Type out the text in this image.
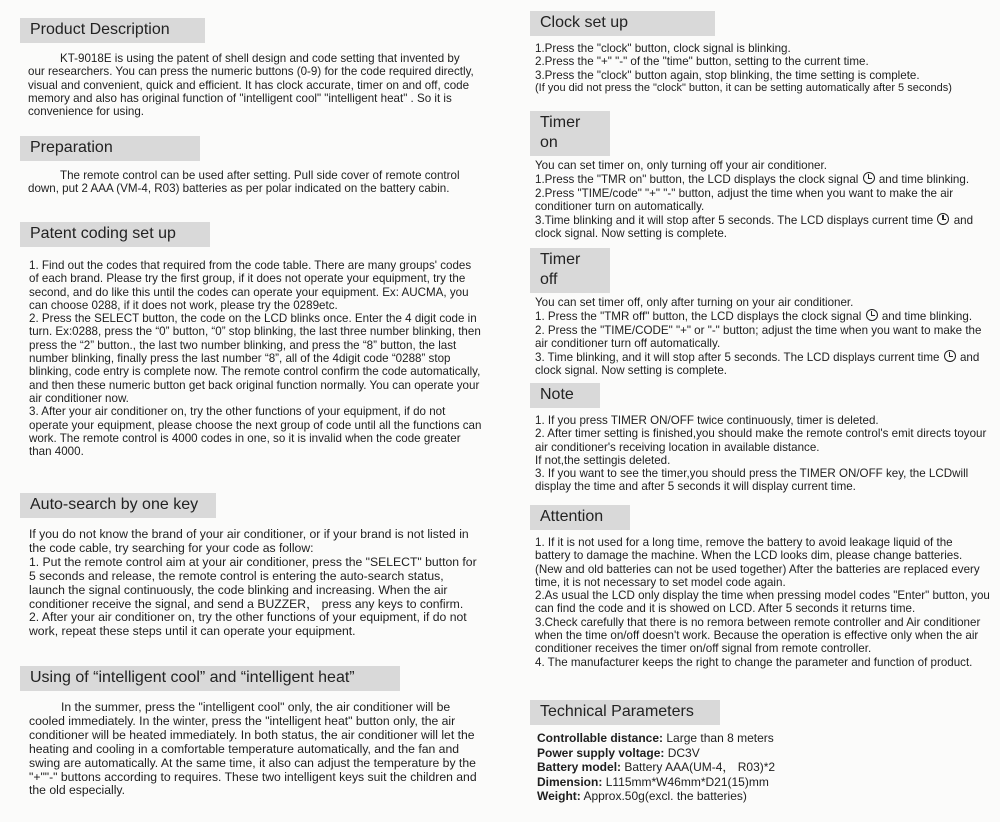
Product Description
KT-9018E is using the patent of shell design and code setting that invented by our researchers. You can press the numeric buttons (0-9) for the code required directly, visual and convenient, quick and efficient. It has clock accurate, timer on and off, code memory and also has original function of "intelligent cool" "intelligent heat" . So it is convenience for using.
Preparation
The remote control can be used after setting. Pull side cover of remote control down, put 2 AAA (VM-4, R03) batteries as per polar indicated on the battery cabin.
Patent coding set up

1. Find out the codes that required from the code table. There are many groups' codes of each brand. Please try the first group, if it does not operate your equipment, try the second, and do like this until the codes can operate your equipment. Ex: AUCMA, you can choose 0288, if it does not work, please try the 0289etc.

2. Press the SELECT button, the code on the LCD blinks once. Enter the 4 digit code in turn. Ex:0288, press the “0” button, “0” stop blinking, the last three number blinking, then press the “2” button., the last two number blinking, and press the “8” button, the last number blinking, finally press the last number “8”, all of the 4digit code “0288” stop blinking, code entry is complete now. The remote control confirm the code automatically, and then these numeric button get back original function normally. You can operate your air conditioner now.

3. After your air conditioner on, try the other functions of your equipment, if do not operate your equipment, please choose the next group of code until all the functions can work. The remote control is 4000 codes in one, so it is invalid when the code greater than 4000.

Auto-search by one key

If you do not know the brand of your air conditioner, or if your brand is not listed in the code cable, try searching for your code as follow:

1. Put the remote control aim at your air conditioner, press the "SELECT" button for 5 seconds and release, the remote control is entering the auto-search status, launch the signal continuously, the code blinking and increasing. When the air conditioner receive the signal, and send a BUZZER， press any keys to confirm.

2. After your air conditioner on, try the other functions of your equipment, if do not work, repeat these steps until it can operate your equipment.

Using of “intelligent cool” and “intelligent heat”
In the summer, press the "intelligent cool" only, the air conditioner will be cooled immediately. In the winter, press the "intelligent heat" button only, the air conditioner will be heated immediately. In both status, the air conditioner will let the heating and cooling in a comfortable temperature automatically, and the fan and swing are automatically. At the same time, it also can adjust the temperature by the "+""-" buttons according to requires. These two intelligent keys suit the children and the old especially.
Clock set up

1.Press the "clock" button, clock signal is blinking.

2.Press the "+" "-" of the "time" button, setting to the current time.

3.Press the "clock" button again, stop blinking, the time setting is complete.

(If you did not press the "clock" button, it can be setting automatically after 5 seconds)

Timer on

You can set timer on, only turning off your air conditioner.

1.Press the "TMR on" button, the LCD displays the clock signal and time blinking.

2.Press "TIME/code" "+" "-" button, adjust the time when you want to make the air conditioner turn on automatically.

3.Time blinking and it will stop after 5 seconds. The LCD displays current time and clock signal. Now setting is complete.

Timer off

You can set timer off, only after turning on your air conditioner.

1. Press the "TMR off" button, the LCD displays the clock signal and time blinking.

2. Press the "TIME/CODE" "+" or "-" button; adjust the time when you want to make the air conditioner turn off automatically.

3. Time blinking, and it will stop after 5 seconds. The LCD displays current time and clock signal. Now setting is complete.

Note

1. If you press TIMER ON/OFF twice continuously, timer is deleted.

2. After timer setting is finished,you should make the remote control's emit directs toyour air conditioner's receiving location in available distance.

If not,the settingis deleted.

3. If you want to see the timer,you should press the TIMER ON/OFF key, the LCDwill display the time and after 5 seconds it will display current time.

Attention

1. If it is not used for a long time, remove the battery to avoid leakage liquid of the battery to damage the machine. When the LCD looks dim, please change batteries. (New and old batteries can not be used together) After the batteries are replaced every time, it is not necessary to set model code again.

2.As usual the LCD only display the time when pressing model codes "Enter" button, you can find the code and it is showed on LCD. After 5 seconds it returns time.

3.Check carefully that there is no remora between remote controller and Air conditioner when the time on/off doesn't work. Because the operation is effective only when the air conditioner receives the timer on/off signal from remote controller.

4. The manufacturer keeps the right to change the parameter and function of product.

Technical Parameters
Controllable distance: Large than 8 meters
Power supply voltage: DC3V
Battery model: Battery AAA(UM-4， R03)*2
Dimension: L115mm*W46mm*D21(15)mm
Weight: Approx.50g(excl. the batteries)
